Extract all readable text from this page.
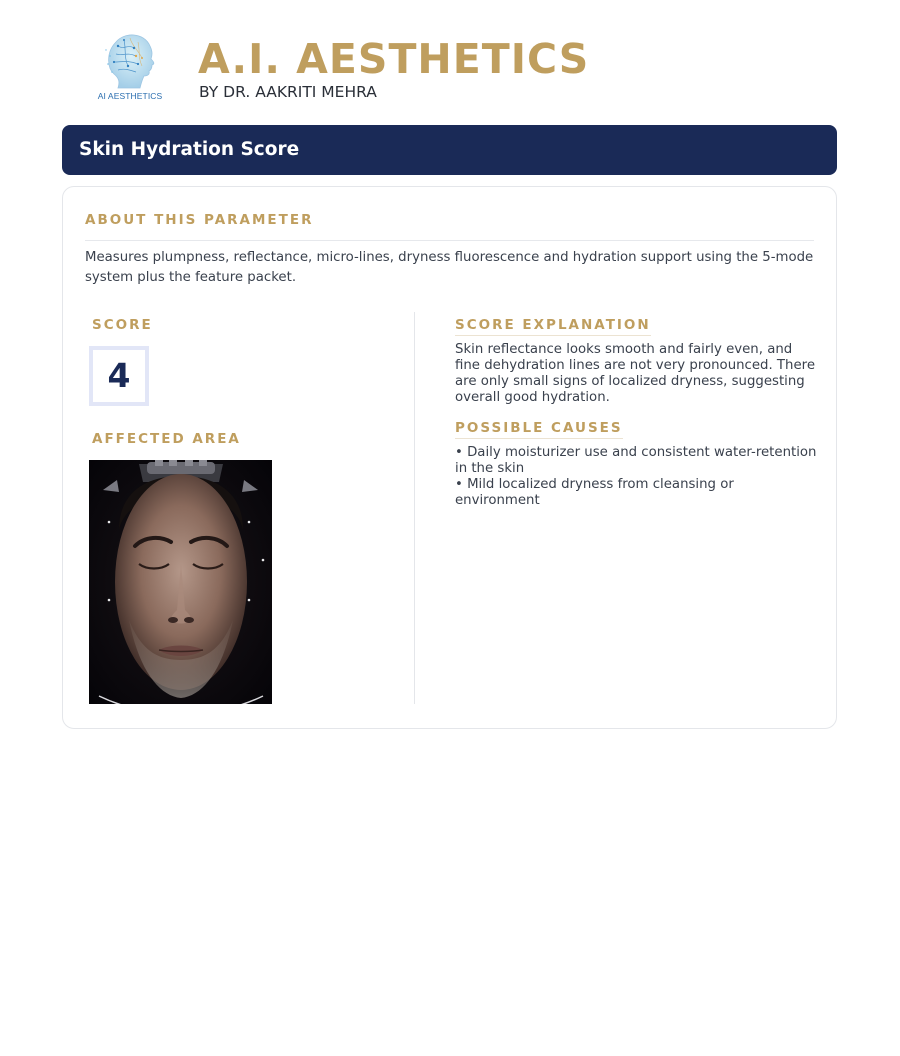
AI AESTHETICS
A.I. AESTHETICS
BY DR. AAKRITI MEHRA
Skin Hydration Score
ABOUT THIS PARAMETER
Measures plumpness, reflectance, micro-lines, dryness fluorescence and hydration support using the 5-mode system plus the feature packet.
SCORE
4
AFFECTED AREA
SCORE EXPLANATION
Skin reflectance looks smooth and fairly even, and fine dehydration lines are not very pronounced. There are only small signs of localized dryness, suggesting overall good hydration.
POSSIBLE CAUSES
• Daily moisturizer use and consistent water-retention in the skin
• Mild localized dryness from cleansing or environment
